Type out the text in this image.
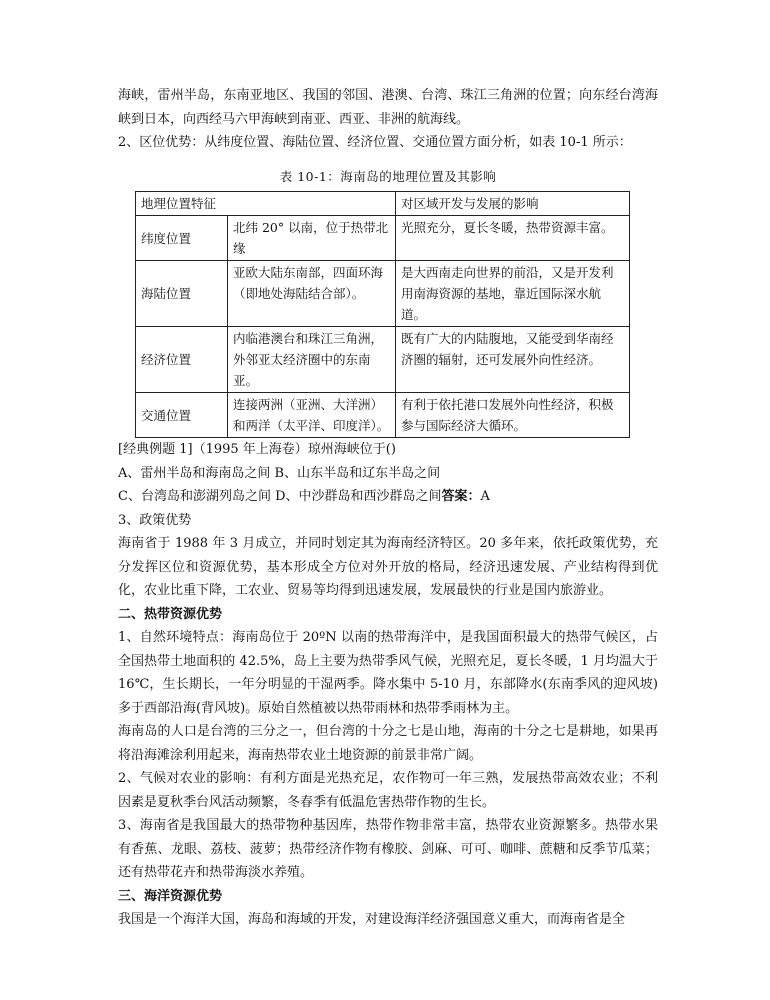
海峡，雷州半岛，东南亚地区、我国的邻国、港澳、台湾、珠江三角洲的位置；向东经台湾海峡到日本，向西经马六甲海峡到南亚、西亚、非洲的航海线。

2、区位优势：从纬度位置、海陆位置、经济位置、交通位置方面分析，如表 10-1 所示：

表 10-1：海南岛的地理位置及其影响
地理位置特征		对区域开发与发展的影响
纬度位置	北纬 20° 以南，位于热带北缘	光照充分，夏长冬暖，热带资源丰富。
海陆位置	亚欧大陆东南部，四面环海（即地处海陆结合部）。	是大西南走向世界的前沿，又是开发利用南海资源的基地，靠近国际深水航道。
经济位置	内临港澳台和珠江三角洲，外邻亚太经济圈中的东南亚。	既有广大的内陆腹地，又能受到华南经济圈的辐射，还可发展外向性经济。
交通位置	连接两洲（亚洲、大洋洲）和两洋（太平洋、印度洋）。	有利于依托港口发展外向性经济，积极参与国际经济大循环。

[经典例题 1]（1995 年上海卷）琼州海峡位于()

A、雷州半岛和海南岛之间 B、山东半岛和辽东半岛之间

C、台湾岛和澎湖列岛之间 D、中沙群岛和西沙群岛之间答案：A

3、政策优势

海南省于 1988 年 3 月成立，并同时划定其为海南经济特区。20 多年来，依托政策优势，充分发挥区位和资源优势，基本形成全方位对外开放的格局，经济迅速发展、产业结构得到优化，农业比重下降，工农业、贸易等均得到迅速发展，发展最快的行业是国内旅游业。

二、热带资源优势

1、自然环境特点：海南岛位于 20ºN 以南的热带海洋中，是我国面积最大的热带气候区，占全国热带土地面积的 42.5%，岛上主要为热带季风气候，光照充足，夏长冬暖，1 月均温大于 16℃，生长期长，一年分明显的干湿两季。降水集中 5-10 月，东部降水(东南季风的迎风坡)多于西部沿海(背风坡)。原始自然植被以热带雨林和热带季雨林为主。

海南岛的人口是台湾的三分之一，但台湾的十分之七是山地，海南的十分之七是耕地，如果再将沿海滩涂利用起来，海南热带农业土地资源的前景非常广阔。

2、气候对农业的影响：有利方面是光热充足，农作物可一年三熟，发展热带高效农业；不利因素是夏秋季台风活动频繁，冬春季有低温危害热带作物的生长。

3、海南省是我国最大的热带物种基因库，热带作物非常丰富，热带农业资源繁多。热带水果有香蕉、龙眼、荔枝、菠萝；热带经济作物有橡胶、剑麻、可可、咖啡、蔗糖和反季节瓜菜；还有热带花卉和热带海淡水养殖。

三、海洋资源优势

我国是一个海洋大国，海岛和海域的开发，对建设海洋经济强国意义重大，而海南省是全
